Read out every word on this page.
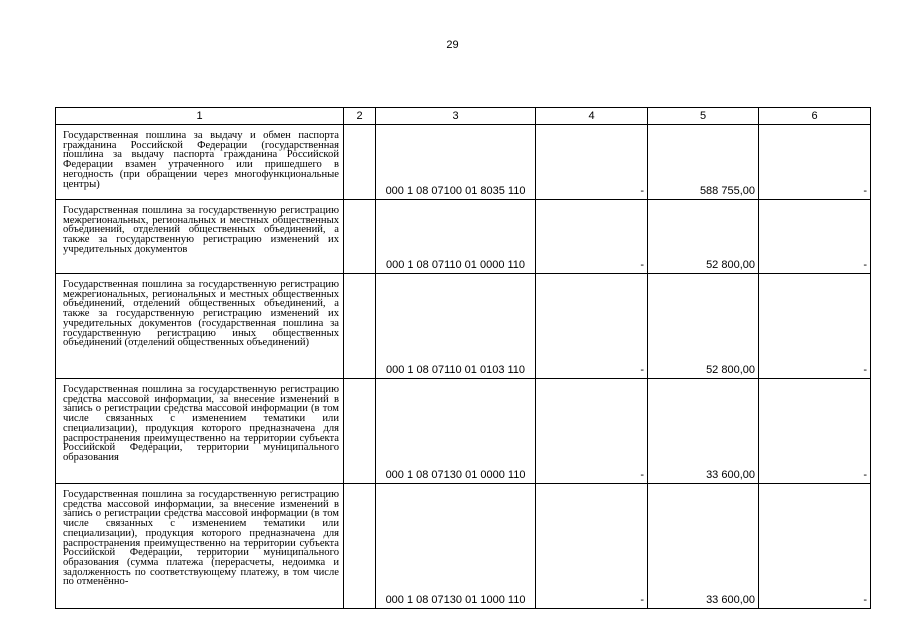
29
1	2	3	4	5	6
Государственная пошлина за выдачу и обмен паспорта гражданина Российской Федерации (государственная пошлина за выдачу паспорта гражданина Российской Федерации взамен утраченного или пришедшего в негодность (при обращении через многофункциональные центры)		000 1 08 07100 01 8035 110	-	588 755,00	-
Государственная пошлина за государственную регистрацию межрегиональных, региональных и местных общественных объединений, отделений общественных объединений, а также за государственную регистрацию изменений их учредительных документов		000 1 08 07110 01 0000 110	-	52 800,00	-
Государственная пошлина за государственную регистрацию межрегиональных, региональных и местных общественных объединений, отделений общественных объединений, а также за государственную регистрацию изменений их учредительных документов (государственная пошлина за государственную регистрацию иных общественных объединений (отделений общественных объединений)		000 1 08 07110 01 0103 110	-	52 800,00	-
Государственная пошлина за государственную регистрацию средства массовой информации, за внесение изменений в запись о регистрации средства массовой информации (в том числе связанных с изменением тематики или специализации), продукция которого предназначена для распространения преимущественно на территории субъекта Российской Федерации, территории муниципального образования		000 1 08 07130 01 0000 110	-	33 600,00	-
Государственная пошлина за государственную регистрацию средства массовой информации, за внесение изменений в запись о регистрации средства массовой информации (в том числе связанных с изменением тематики или специализации), продукция которого предназначена для распространения преимущественно на территории субъекта Российской Федерации, территории муниципального образования (сумма платежа (перерасчеты, недоимка и задолженность по соответствующему платежу, в том числе по отменённо-		000 1 08 07130 01 1000 110	-	33 600,00	-
